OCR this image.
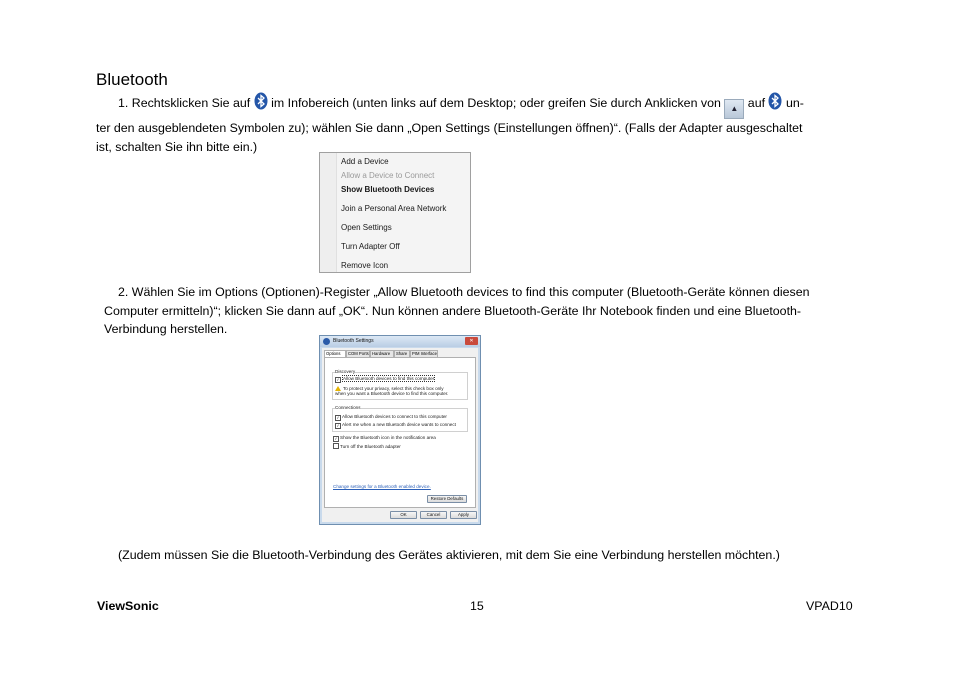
Bluetooth
1. Rechtsklicken Sie auf im Infobereich (unten links auf dem Desktop; oder greifen Sie durch Anklicken von ▲ auf un-
ter den ausgeblendeten Symbolen zu); wählen Sie dann „Open Settings (Einstellungen öffnen)“. (Falls der Adapter ausgeschaltet
ist, schalten Sie ihn bitte ein.)
Add a Device
Allow a Device to Connect
Show Bluetooth Devices
Join a Personal Area Network
Open Settings
Turn Adapter Off
Remove Icon
2. Wählen Sie im Options (Optionen)-Register „Allow Bluetooth devices to find this computer (Bluetooth-Geräte können diesen
Computer ermitteln)“; klicken Sie dann auf „OK“. Nun können andere Bluetooth-Geräte Ihr Notebook finden und eine Bluetooth-
Verbindung herstellen.
Bluetooth Settings	✕
Options	COM Ports Hardware	Share	PIM Interface
Discovery
✓ Allow Bluetooth devices to find this computer
To protect your privacy, select this check box only when you want a Bluetooth device to find this computer.
Connections
✓ Allow Bluetooth devices to connect to this computer
✓ Alert me when a new Bluetooth device wants to connect
✓ Show the Bluetooth icon in the notification area
Turn off the Bluetooth adapter
Change settings for a Bluetooth enabled device.
Restore Defaults
OK	Cancel	Apply
(Zudem müssen Sie die Bluetooth-Verbindung des Gerätes aktivieren, mit dem Sie eine Verbindung herstellen möchten.)
ViewSonic	15	VPAD10
